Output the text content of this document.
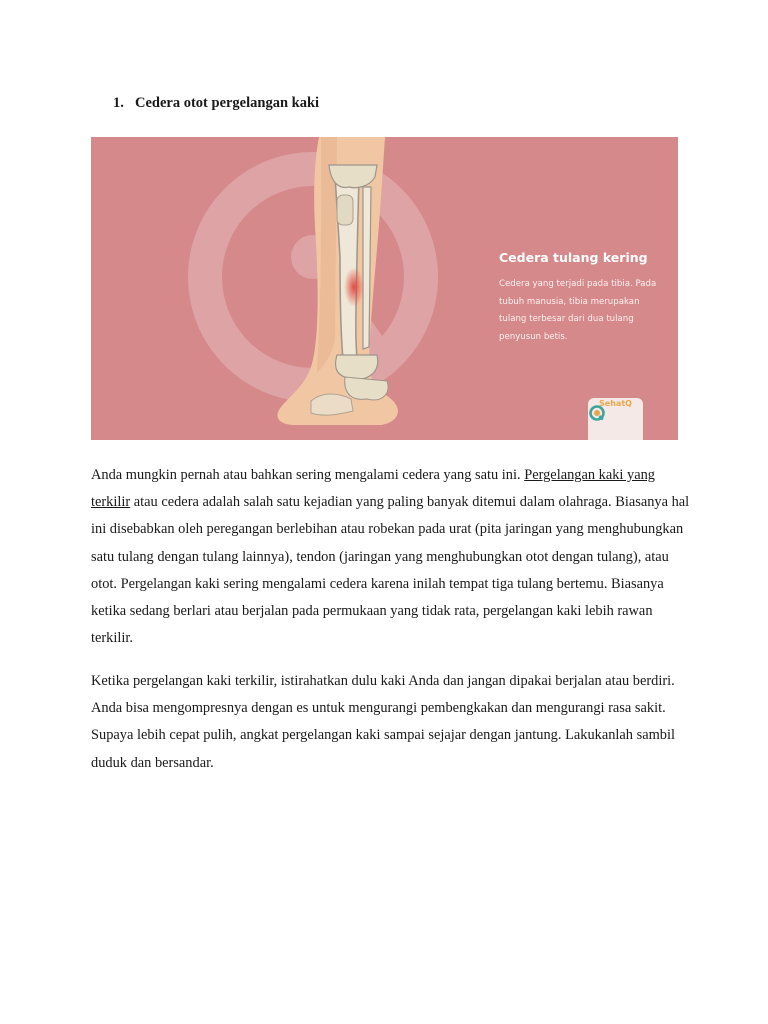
1. Cedera otot pergelangan kaki

Cedera tulang kering

Cedera yang terjadi pada tibia. Pada tubuh manusia, tibia merupakan tulang terbesar dari dua tulang penyusun betis.

SehatQ

Anda mungkin pernah atau bahkan sering mengalami cedera yang satu ini. Pergelangan kaki yang terkilir atau cedera adalah salah satu kejadian yang paling banyak ditemui dalam olahraga. Biasanya hal ini disebabkan oleh peregangan berlebihan atau robekan pada urat (pita jaringan yang menghubungkan satu tulang dengan tulang lainnya), tendon (jaringan yang menghubungkan otot dengan tulang), atau otot. Pergelangan kaki sering mengalami cedera karena inilah tempat tiga tulang bertemu. Biasanya ketika sedang berlari atau berjalan pada permukaan yang tidak rata, pergelangan kaki lebih rawan terkilir.

Ketika pergelangan kaki terkilir, istirahatkan dulu kaki Anda dan jangan dipakai berjalan atau berdiri. Anda bisa mengompresnya dengan es untuk mengurangi pembengkakan dan mengurangi rasa sakit. Supaya lebih cepat pulih, angkat pergelangan kaki sampai sejajar dengan jantung. Lakukanlah sambil duduk dan bersandar.
